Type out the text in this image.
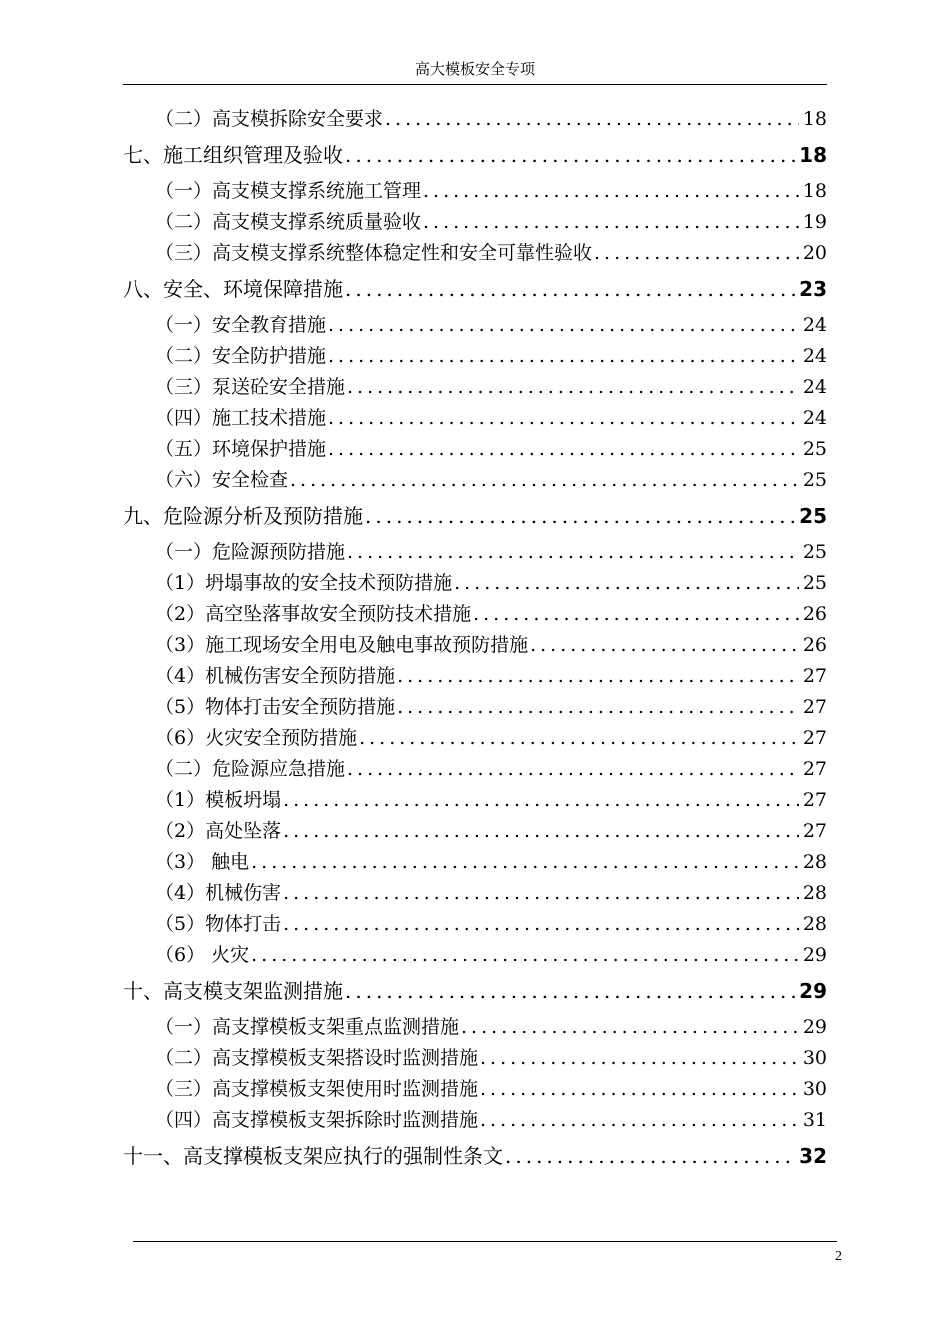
高大模板安全专项
（二）高支模拆除安全要求 .....	18
七、施工组织管理及验收 .....	18
（一）高支模支撑系统施工管理 .....	18
（二）高支模支撑系统质量验收 .....	19
（三）高支模支撑系统整体稳定性和安全可靠性验收 .....	20
八、安全、环境保障措施 .....	23
（一）安全教育措施 .....	24
（二）安全防护措施 .....	24
（三）泵送砼安全措施 .....	24
（四）施工技术措施 .....	24
（五）环境保护措施 .....	25
（六）安全检查 .....	25
九、危险源分析及预防措施 .....	25
（一）危险源预防措施 .....	25
（1）坍塌事故的安全技术预防措施 .....	25
（2）高空坠落事故安全预防技术措施 .....	26
（3）施工现场安全用电及触电事故预防措施 .....	26
（4）机械伤害安全预防措施 .....	27
（5）物体打击安全预防措施 .....	27
（6）火灾安全预防措施 .....	27
（二）危险源应急措施 .....	27
（1）模板坍塌 .....	27
（2）高处坠落 .....	27
（3） 触电 .....	28
（4）机械伤害 .....	28
（5）物体打击 .....	28
（6） 火灾 .....	29
十、高支模支架监测措施 .....	29
（一）高支撑模板支架重点监测措施 .....	29
（二）高支撑模板支架搭设时监测措施 .....	30
（三）高支撑模板支架使用时监测措施 .....	30
（四）高支撑模板支架拆除时监测措施 .....	31
十一、高支撑模板支架应执行的强制性条文 .....	32
2
